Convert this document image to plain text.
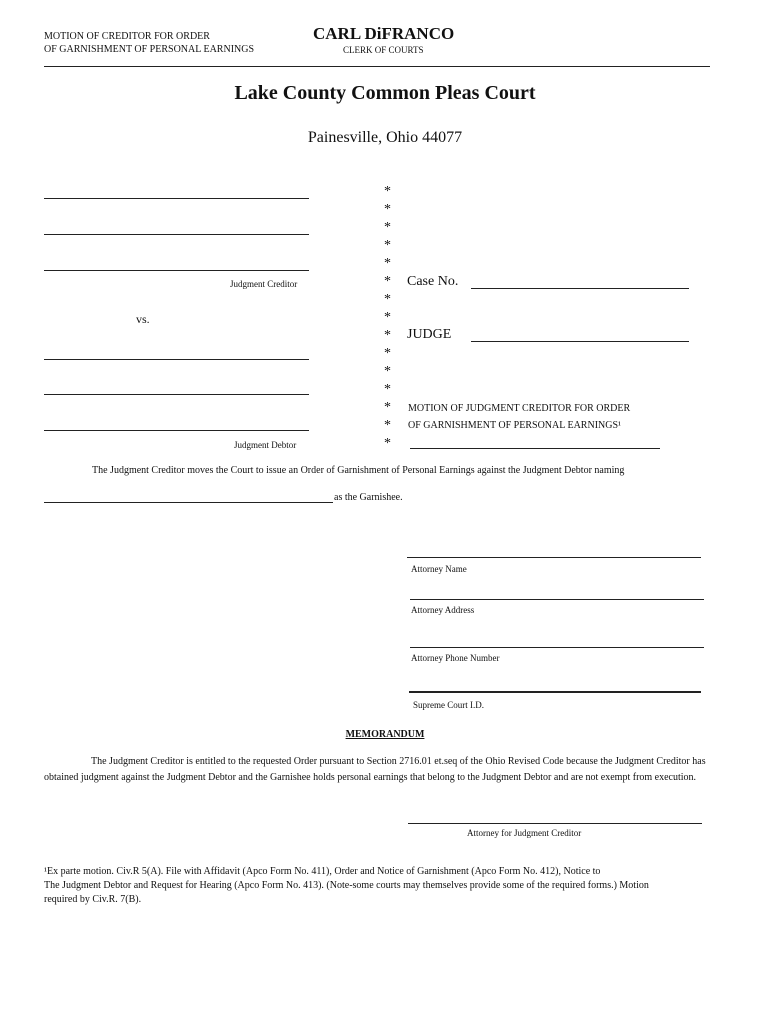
MOTION OF CREDITOR FOR ORDER
OF GARNISHMENT OF PERSONAL EARNINGS
CARL DiFRANCO
CLERK OF COURTS
Lake County Common Pleas Court
Painesville, Ohio 44077
Judgment Creditor
vs.
Judgment Debtor
*
*
*
*
*
*
*
*
*
*
*
*
*
*
*
Case No.
JUDGE
MOTION OF JUDGMENT CREDITOR FOR ORDER
OF GARNISHMENT OF PERSONAL EARNINGS¹
The Judgment Creditor moves the Court to issue an Order of Garnishment of Personal Earnings against the Judgment Debtor naming
as the Garnishee.
Attorney Name
Attorney Address
Attorney Phone Number
Supreme Court I.D.
MEMORANDUM
The Judgment Creditor is entitled to the requested Order pursuant to Section 2716.01 et.seq of the Ohio Revised Code because the Judgment Creditor has obtained judgment against the Judgment Debtor and the Garnishee holds personal earnings that belong to the Judgment Debtor and are not exempt from execution.
Attorney for Judgment Creditor
¹Ex parte motion. Civ.R 5(A). File with Affidavit (Apco Form No. 411), Order and Notice of Garnishment (Apco Form No. 412), Notice to
The Judgment Debtor and Request for Hearing (Apco Form No. 413). (Note-some courts may themselves provide some of the required forms.) Motion
required by Civ.R. 7(B).
